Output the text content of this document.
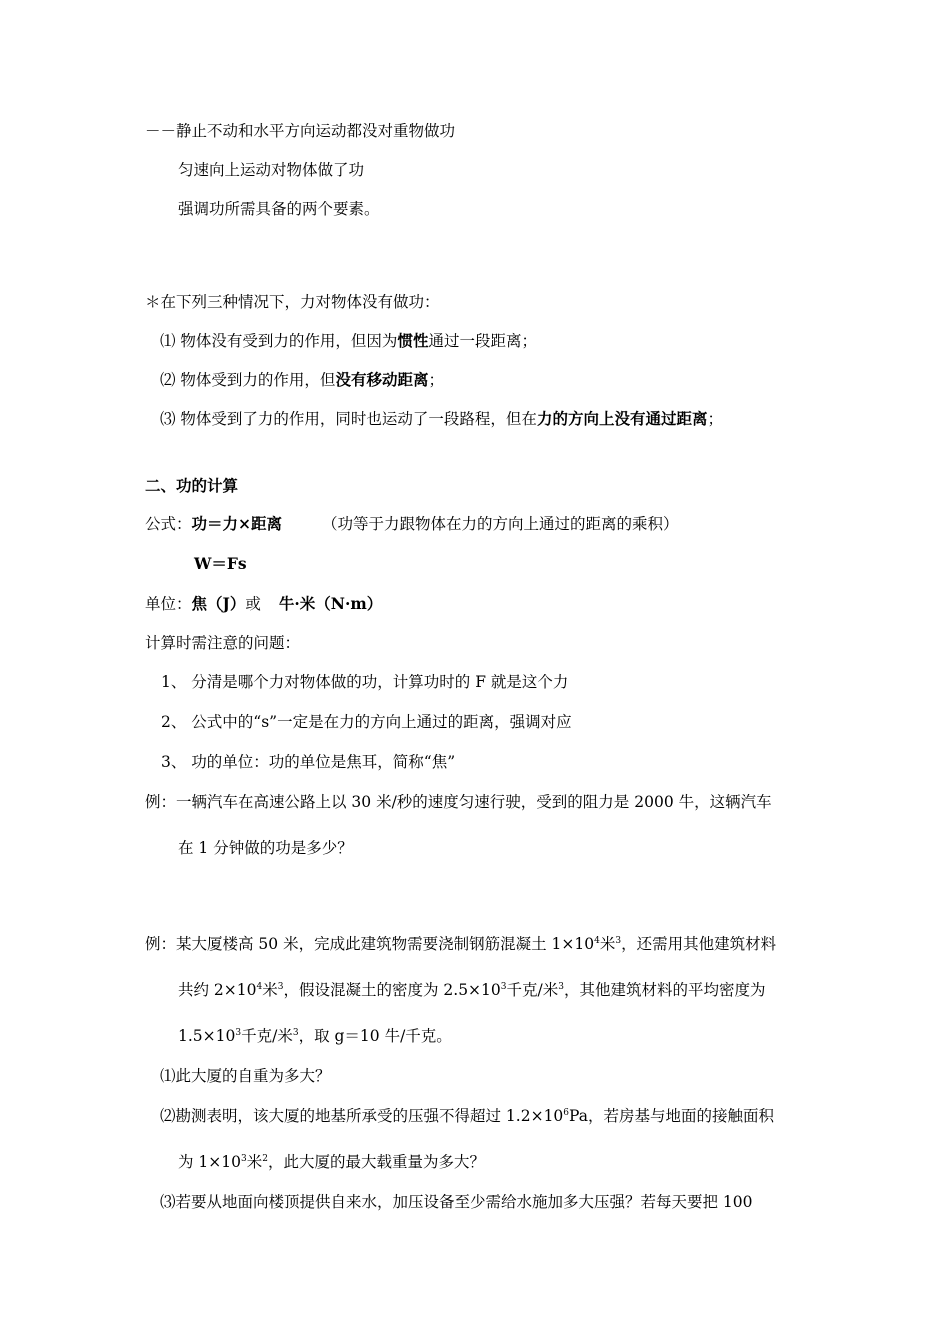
－－静止不动和水平方向运动都没对重物做功
匀速向上运动对物体做了功
强调功所需具备的两个要素。
＊在下列三种情况下，力对物体没有做功：
⑴ 物体没有受到力的作用，但因为惯性通过一段距离；
⑵ 物体受到力的作用，但没有移动距离；
⑶ 物体受到了力的作用，同时也运动了一段路程，但在力的方向上没有通过距离；
二、功的计算
公式：功＝力×距离	（功等于力跟物体在力的方向上通过的距离的乘积）
W＝Fs
单位：焦（J）或 牛·米（N·m）
计算时需注意的问题：
1、 分清是哪个力对物体做的功，计算功时的 F 就是这个力
2、 公式中的“s”一定是在力的方向上通过的距离，强调对应
3、 功的单位：功的单位是焦耳，简称“焦”
例：一辆汽车在高速公路上以 30 米/秒的速度匀速行驶，受到的阻力是 2000 牛，这辆汽车
在 1 分钟做的功是多少？
例：某大厦楼高 50 米，完成此建筑物需要浇制钢筋混凝土 $1\times 10^4$米$^3$，还需用其他建筑材料
共约 $2\times 10^4$米$^3$，假设混凝土的密度为 $2.5\times 10^3$千克/米$^3$，其他建筑材料的平均密度为
$1.5\times 10^3$千克/米$^3$，取 g＝10 牛/千克。
⑴此大厦的自重为多大？
⑵勘测表明，该大厦的地基所承受的压强不得超过 $1.2\times 10^6Pa$，若房基与地面的接触面积
为 $1\times 10^3$米$^2$，此大厦的最大载重量为多大？
⑶若要从地面向楼顶提供自来水，加压设备至少需给水施加多大压强？若每天要把 100
